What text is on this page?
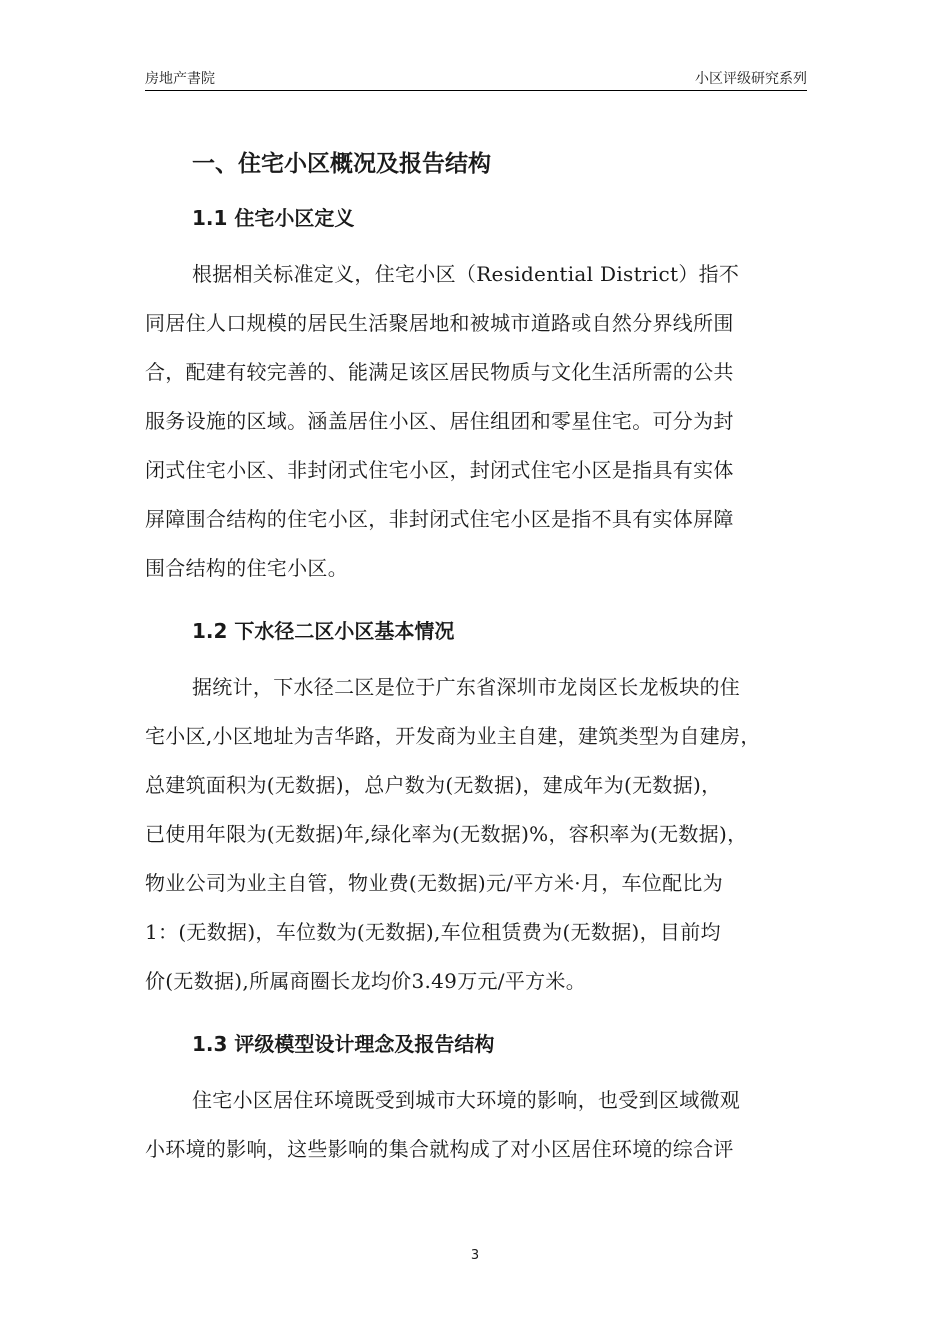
房地产書院	小区评级研究系列
一、住宅小区概况及报告结构
1.1 住宅小区定义

根据相关标准定义，住宅小区（Residential District）指不

同居住人口规模的居民生活聚居地和被城市道路或自然分界线所围

合，配建有较完善的、能满足该区居民物质与文化生活所需的公共

服务设施的区域。涵盖居住小区、居住组团和零星住宅。可分为封

闭式住宅小区、非封闭式住宅小区，封闭式住宅小区是指具有实体

屏障围合结构的住宅小区，非封闭式住宅小区是指不具有实体屏障

围合结构的住宅小区。

1.2 下水径二区小区基本情况

据统计，下水径二区是位于广东省深圳市龙岗区长龙板块的住

宅小区,小区地址为吉华路，开发商为业主自建，建筑类型为自建房，

总建筑面积为(无数据)，总户数为(无数据)，建成年为(无数据)，

已使用年限为(无数据)年,绿化率为(无数据)%，容积率为(无数据)，

物业公司为业主自管，物业费(无数据)元/平方米·月，车位配比为

1：(无数据)，车位数为(无数据),车位租赁费为(无数据)，目前均

价(无数据),所属商圈长龙均价3.49万元/平方米。

1.3 评级模型设计理念及报告结构

住宅小区居住环境既受到城市大环境的影响，也受到区域微观

小环境的影响，这些影响的集合就构成了对小区居住环境的综合评

3
